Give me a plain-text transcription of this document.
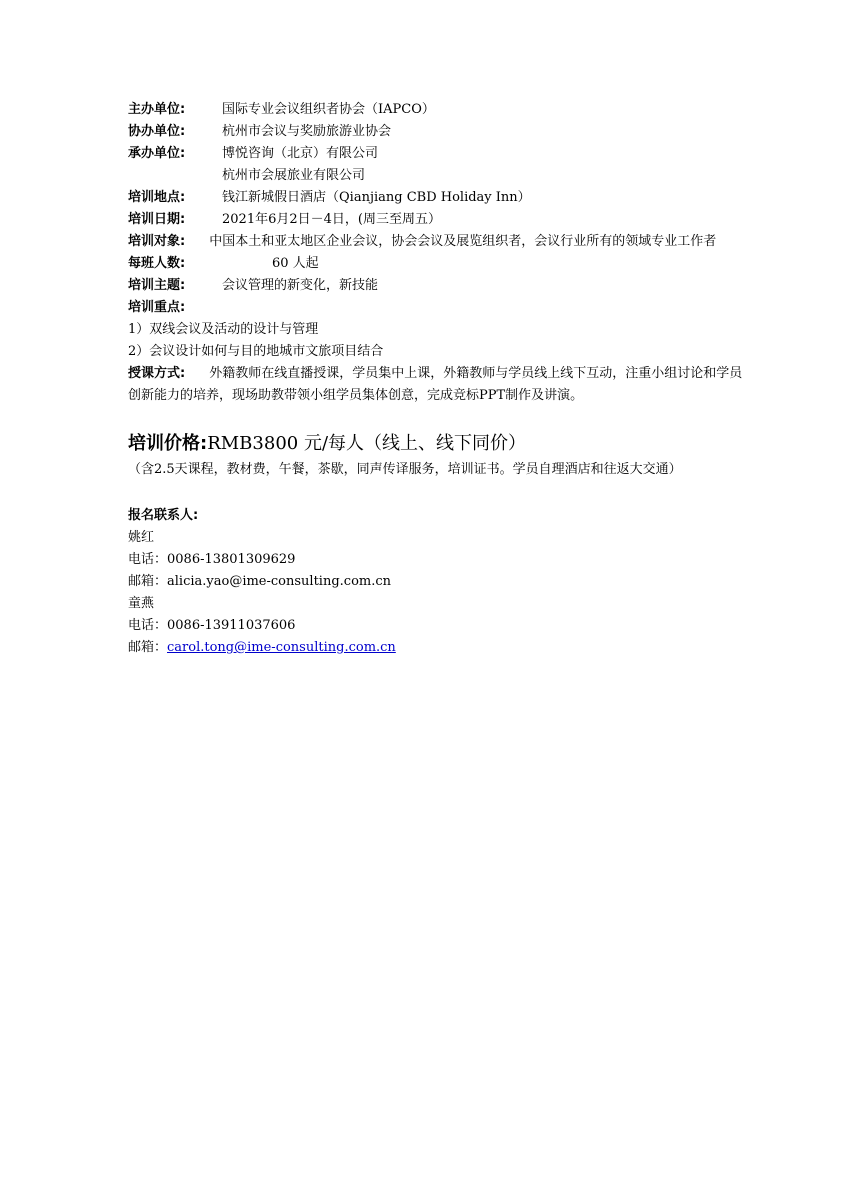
主办单位:	国际专业会议组织者协会（IAPCO）
协办单位:	杭州市会议与奖励旅游业协会
承办单位:	博悦咨询（北京）有限公司
杭州市会展旅业有限公司
培训地点:	钱江新城假日酒店（Qianjiang CBD Holiday Inn）
培训日期:	2021年6月2日－4日，(周三至周五）
培训对象: 中国本土和亚太地区企业会议，协会会议及展览组织者，会议行业所有的领域专业工作者
每班人数:	60 人起
培训主题:	会议管理的新变化，新技能
培训重点:
1）双线会议及活动的设计与管理
2）会议设计如何与目的地城市文旅项目结合
授课方式: 外籍教师在线直播授课，学员集中上课，外籍教师与学员线上线下互动，注重小组讨论和学员创新能力的培养，现场助教带领小组学员集体创意，完成竞标PPT制作及讲演。
培训价格:RMB3800 元/每人（线上、线下同价）
（含2.5天课程，教材费，午餐，茶歇，同声传译服务，培训证书。学员自理酒店和往返大交通）
报名联系人:
姚红
电话：0086-13801309629
邮箱：alicia.yao@ime-consulting.com.cn
童燕
电话：0086-13911037606
邮箱：carol.tong@ime-consulting.com.cn
